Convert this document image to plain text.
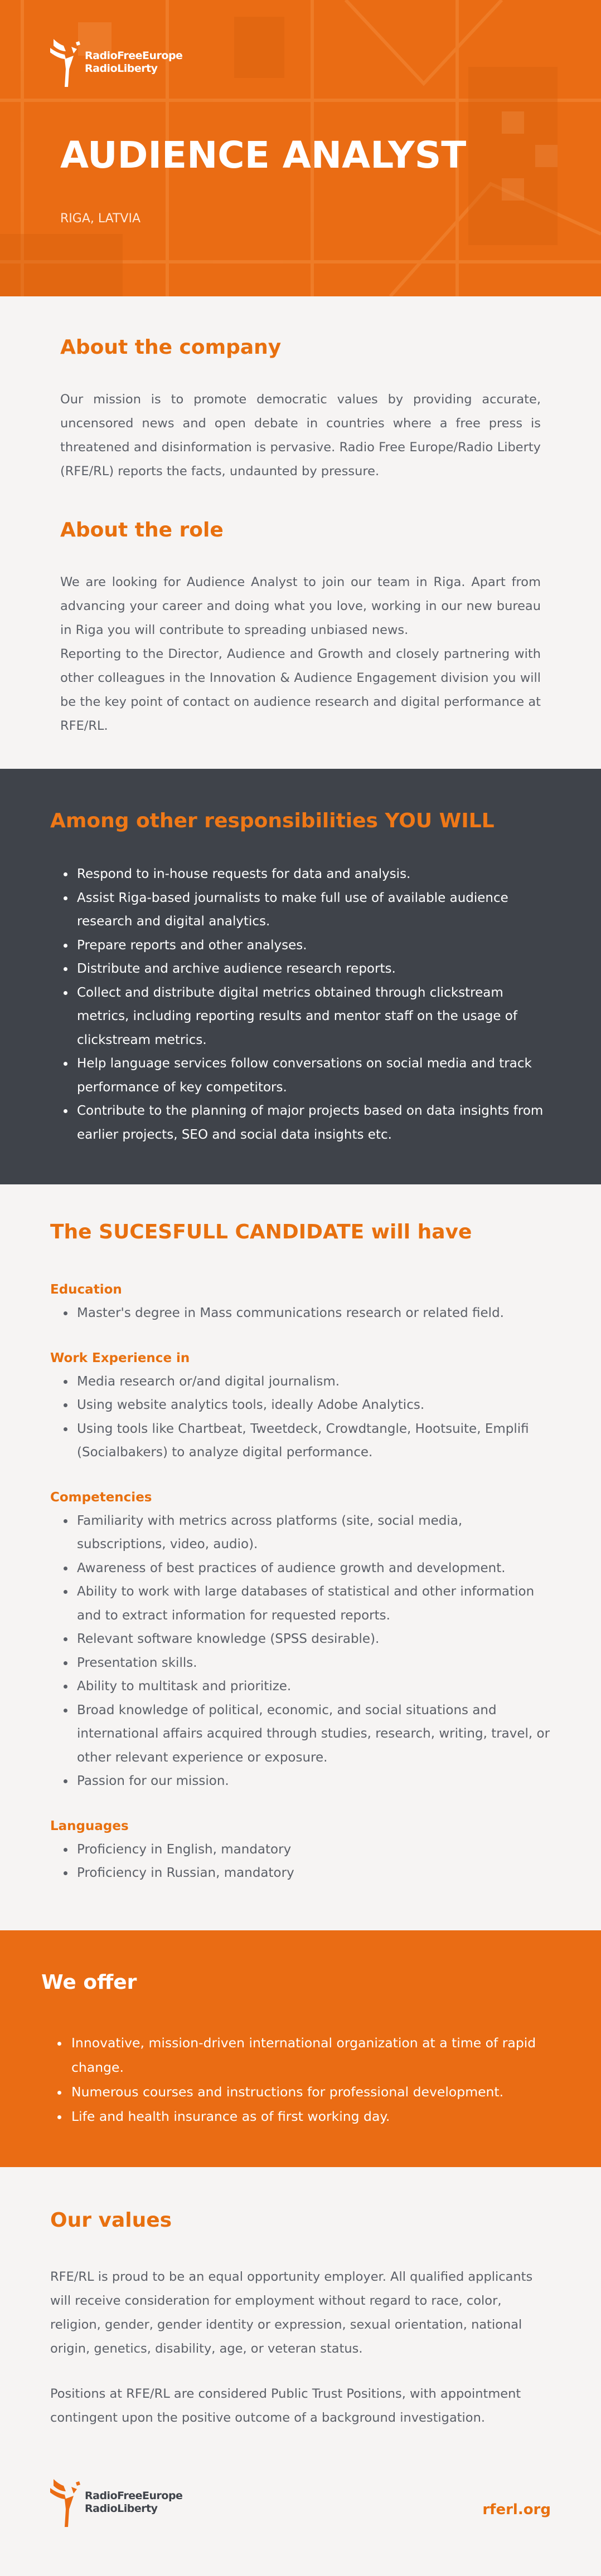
RadioFreeEurope
RadioLiberty
AUDIENCE ANALYST
RIGA, LATVIA
About the company

Our mission is to promote democratic values by providing accurate, uncensored news and open debate in countries where a free press is threatened and disinformation is pervasive. Radio Free Europe/Radio Liberty (RFE/RL) reports the facts, undaunted by pressure.

About the role

We are looking for Audience Analyst to join our team in Riga. Apart from advancing your career and doing what you love, working in our new bureau in Riga you will contribute to spreading unbiased news.

Reporting to the Director, Audience and Growth and closely partnering with other colleagues in the Innovation & Audience Engagement division you will be the key point of contact on audience research and digital performance at RFE/RL.

Among other responsibilities YOU WILL
• Respond to in-house requests for data and analysis.
• Assist Riga-based journalists to make full use of available audience research and digital analytics.
• Prepare reports and other analyses.
• Distribute and archive audience research reports.
• Collect and distribute digital metrics obtained through clickstream metrics, including reporting results and mentor staff on the usage of clickstream metrics.
• Help language services follow conversations on social media and track performance of key competitors.
• Contribute to the planning of major projects based on data insights from earlier projects, SEO and social data insights etc.
The SUCESFULL CANDIDATE will have
Education
• Master's degree in Mass communications research or related field.
Work Experience in
• Media research or/and digital journalism.
• Using website analytics tools, ideally Adobe Analytics.
• Using tools like Chartbeat, Tweetdeck, Crowdtangle, Hootsuite, Emplifi (Socialbakers) to analyze digital performance.
Competencies
• Familiarity with metrics across platforms (site, social media, subscriptions, video, audio).
• Awareness of best practices of audience growth and development.
• Ability to work with large databases of statistical and other information and to extract information for requested reports.
• Relevant software knowledge (SPSS desirable).
• Presentation skills.
• Ability to multitask and prioritize.
• Broad knowledge of political, economic, and social situations and international affairs acquired through studies, research, writing, travel, or other relevant experience or exposure.
• Passion for our mission.
Languages
• Proficiency in English, mandatory
• Proficiency in Russian, mandatory
We offer
• Innovative, mission-driven international organization at a time of rapid change.
• Numerous courses and instructions for professional development.
• Life and health insurance as of first working day.
Our values

RFE/RL is proud to be an equal opportunity employer. All qualified applicants will receive consideration for employment without regard to race, color, religion, gender, gender identity or expression, sexual orientation, national origin, genetics, disability, age, or veteran status.

Positions at RFE/RL are considered Public Trust Positions, with appointment contingent upon the positive outcome of a background investigation.

RadioFreeEurope
RadioLiberty	rferl.org
